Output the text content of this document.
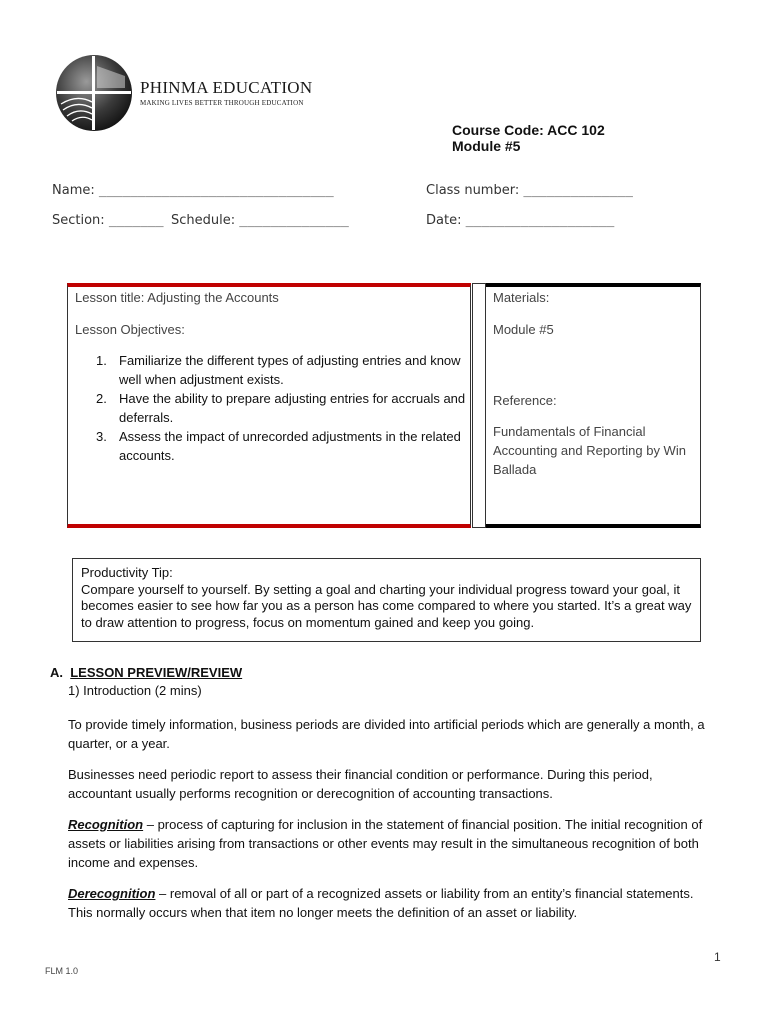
PHINMA EDUCATION
MAKING LIVES BETTER THROUGH EDUCATION
Course Code: ACC 102
Module #5
Name: ______________________________	Class number: ______________
Section: _______ Schedule: ______________	Date: ___________________
Lesson title: Adjusting the Accounts
Lesson Objectives:
1. Familiarize the different types of adjusting entries and know well when adjustment exists.
2. Have the ability to prepare adjusting entries for accruals and deferrals.
3. Assess the impact of unrecorded adjustments in the related accounts.
Materials:
Module #5
Reference:
Fundamentals of Financial Accounting and Reporting by Win Ballada
Productivity Tip:
Compare yourself to yourself. By setting a goal and charting your individual progress toward your goal, it becomes easier to see how far you as a person has come compared to where you started. It’s a great way to draw attention to progress, focus on momentum gained and keep you going.
A. LESSON PREVIEW/REVIEW
1) Introduction (2 mins)
To provide timely information, business periods are divided into artificial periods which are generally a month, a quarter, or a year.
Businesses need periodic report to assess their financial condition or performance. During this period, accountant usually performs recognition or derecognition of accounting transactions.
Recognition – process of capturing for inclusion in the statement of financial position. The initial recognition of assets or liabilities arising from transactions or other events may result in the simultaneous recognition of both income and expenses.
Derecognition – removal of all or part of a recognized assets or liability from an entity’s financial statements. This normally occurs when that item no longer meets the definition of an asset or liability.
1
FLM 1.0
